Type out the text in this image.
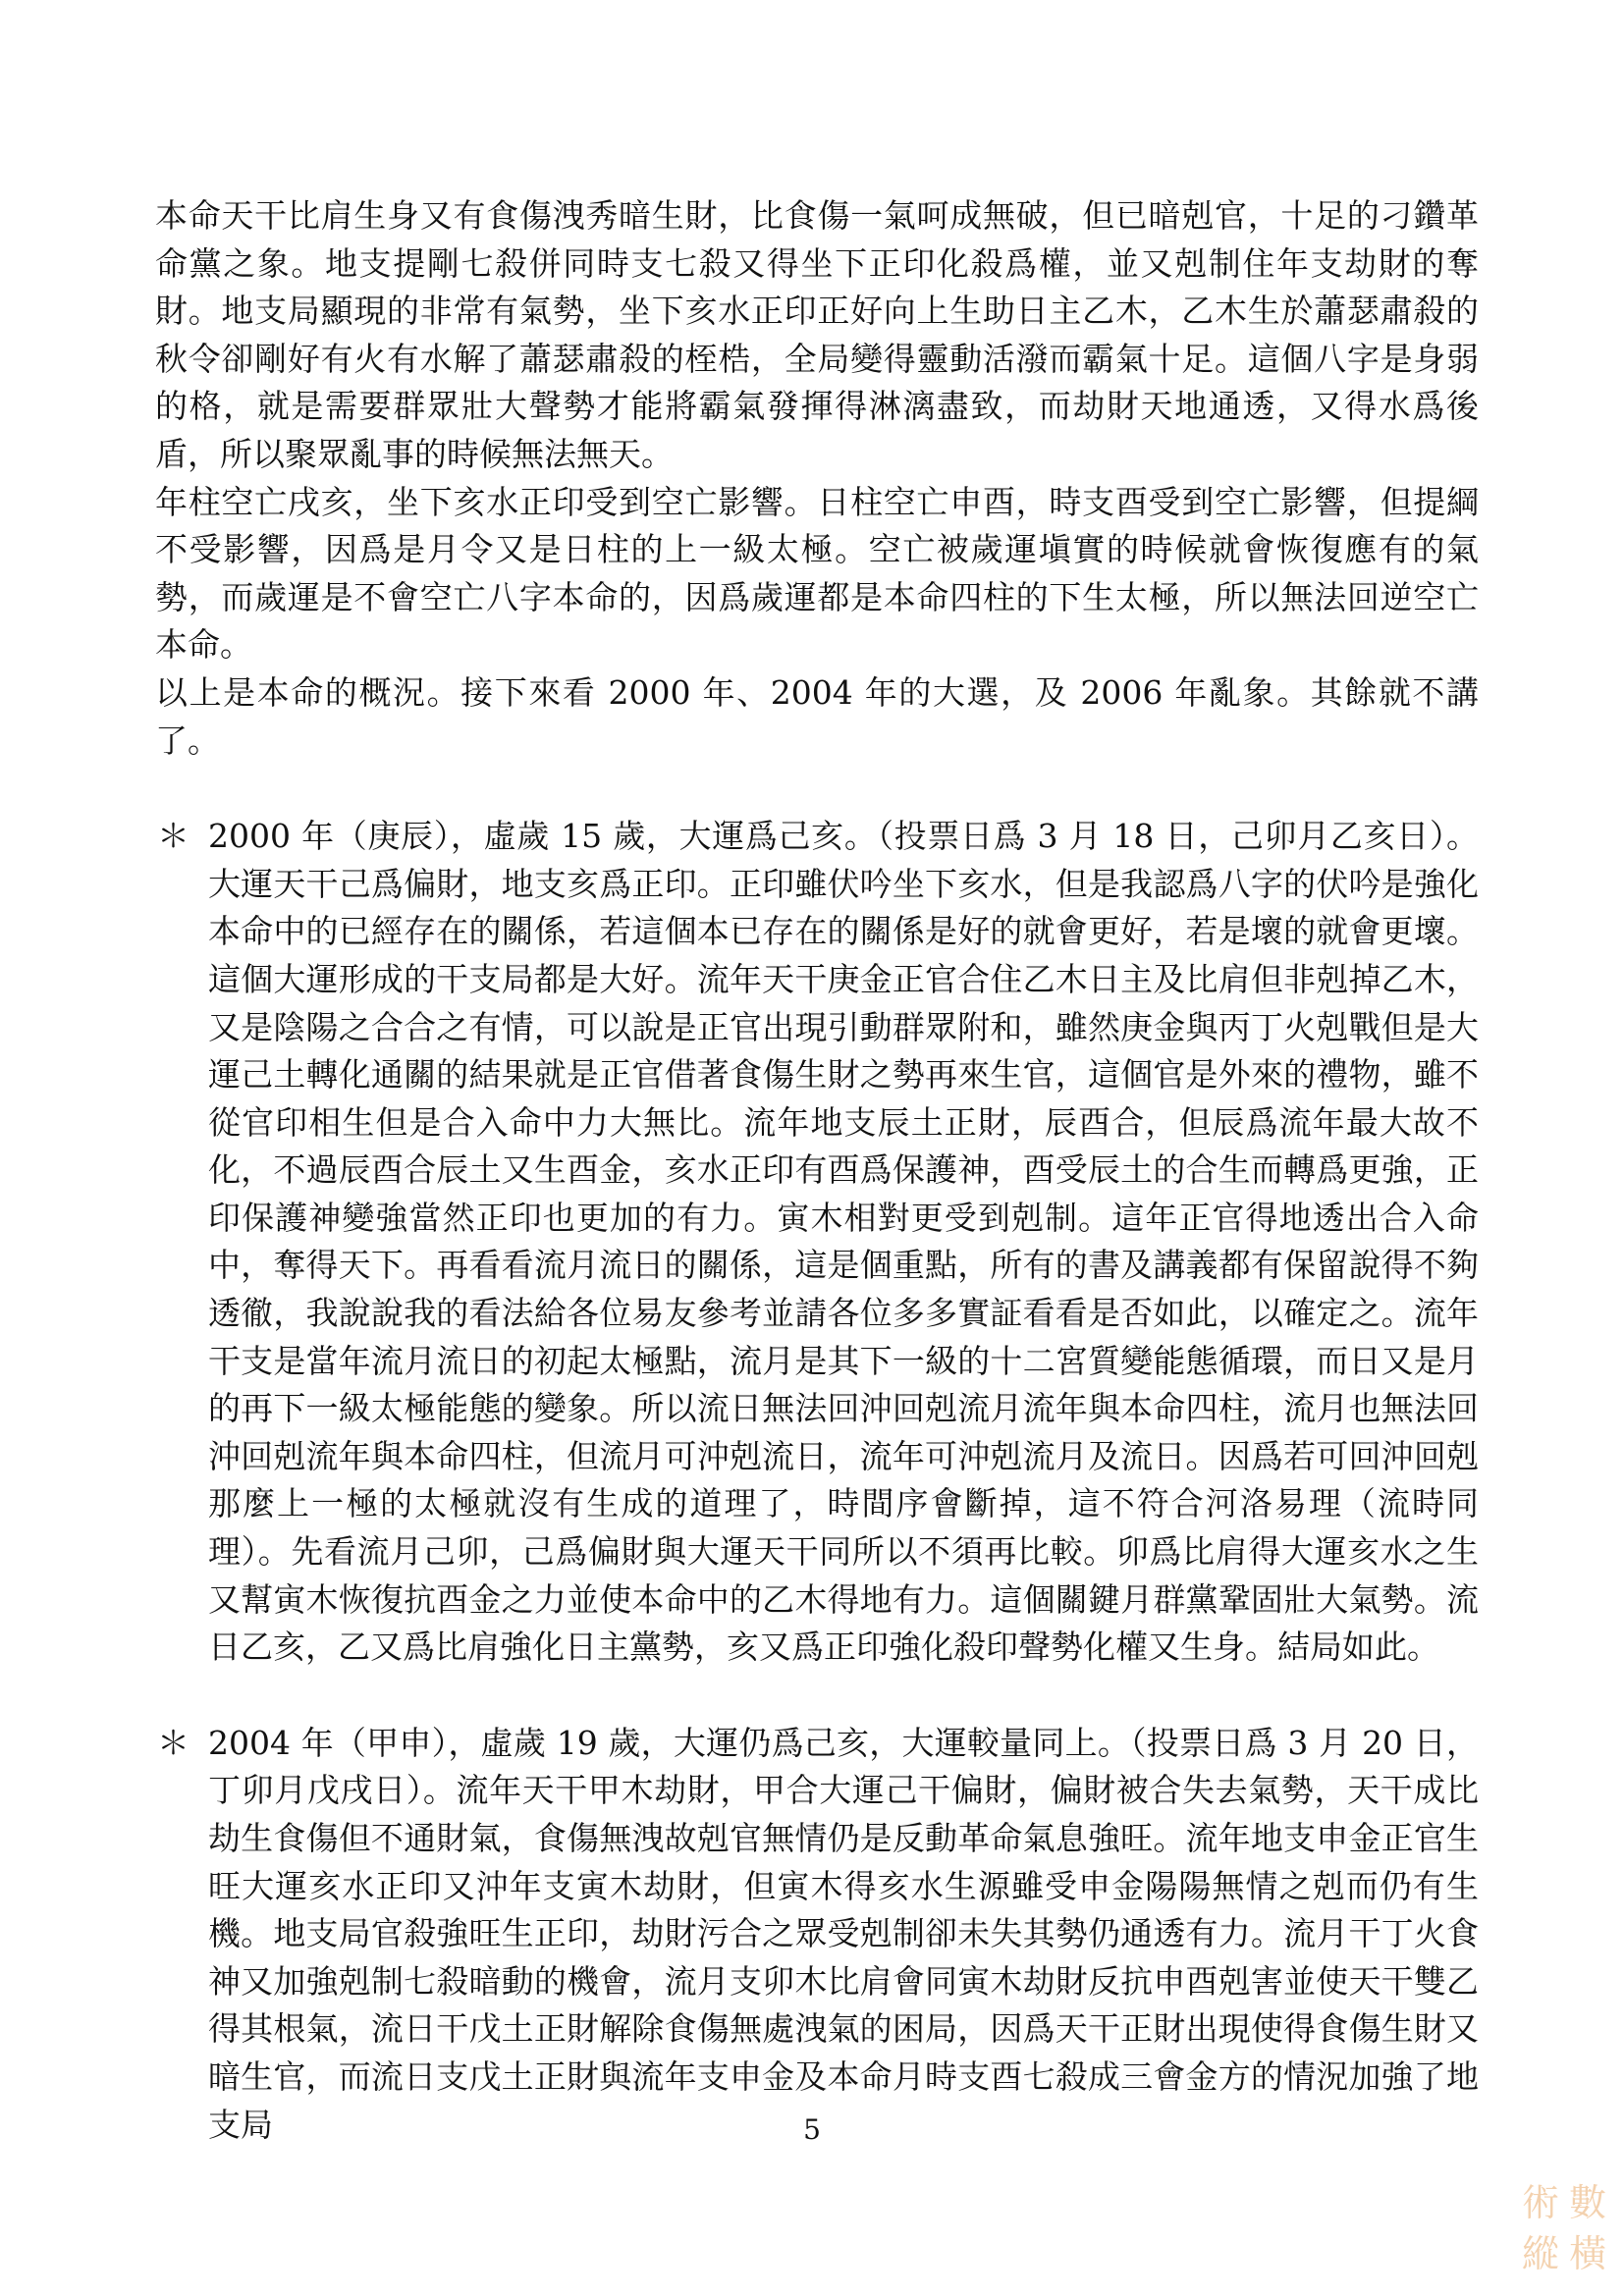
本命天干比肩生身又有食傷洩秀暗生財，比食傷一氣呵成無破，但已暗剋官，十足的刁鑽革命黨之象。地支提剛七殺併同時支七殺又得坐下正印化殺爲權，並又剋制住年支劫財的奪財。地支局顯現的非常有氣勢，坐下亥水正印正好向上生助日主乙木，乙木生於蕭瑟肅殺的秋令卻剛好有火有水解了蕭瑟肅殺的桎梏，全局變得靈動活潑而霸氣十足。這個八字是身弱的格，就是需要群眾壯大聲勢才能將霸氣發揮得淋漓盡致，而劫財天地通透，又得水爲後盾，所以聚眾亂事的時候無法無天。

年柱空亡戌亥，坐下亥水正印受到空亡影響。日柱空亡申酉，時支酉受到空亡影響，但提綱不受影響，因爲是月令又是日柱的上一級太極。空亡被歲運塡實的時候就會恢復應有的氣勢，而歲運是不會空亡八字本命的，因爲歲運都是本命四柱的下生太極，所以無法回逆空亡本命。

以上是本命的概況。接下來看 2000 年、2004 年的大選，及 2006 年亂象。其餘就不講了。

＊ 2000 年（庚辰），虛歲 15 歲，大運爲己亥。（投票日爲 3 月 18 日，己卯月乙亥日）。大運天干己爲偏財，地支亥爲正印。正印雖伏吟坐下亥水，但是我認爲八字的伏吟是強化本命中的已經存在的關係，若這個本已存在的關係是好的就會更好，若是壞的就會更壞。這個大運形成的干支局都是大好。流年天干庚金正官合住乙木日主及比肩但非剋掉乙木，又是陰陽之合合之有情，可以說是正官出現引動群眾附和，雖然庚金與丙丁火剋戰但是大運己土轉化通關的結果就是正官借著食傷生財之勢再來生官，這個官是外來的禮物，雖不從官印相生但是合入命中力大無比。流年地支辰土正財，辰酉合，但辰爲流年最大故不化，不過辰酉合辰土又生酉金，亥水正印有酉爲保護神，酉受辰土的合生而轉爲更強，正印保護神變強當然正印也更加的有力。寅木相對更受到剋制。這年正官得地透出合入命中，奪得天下。再看看流月流日的關係，這是個重點，所有的書及講義都有保留說得不夠透徹，我說說我的看法給各位易友參考並請各位多多實証看看是否如此，以確定之。流年干支是當年流月流日的初起太極點，流月是其下一級的十二宮質變能態循環，而日又是月的再下一級太極能態的變象。所以流日無法回沖回剋流月流年與本命四柱，流月也無法回沖回剋流年與本命四柱，但流月可沖剋流日，流年可沖剋流月及流日。因爲若可回沖回剋那麼上一極的太極就沒有生成的道理了，時間序會斷掉，這不符合河洛易理（流時同理）。先看流月己卯，己爲偏財與大運天干同所以不須再比較。卯爲比肩得大運亥水之生又幫寅木恢復抗酉金之力並使本命中的乙木得地有力。這個關鍵月群黨鞏固壯大氣勢。流日乙亥，乙又爲比肩強化日主黨勢，亥又爲正印強化殺印聲勢化權又生身。結局如此。
＊ 2004 年（甲申），虛歲 19 歲，大運仍爲己亥，大運較量同上。（投票日爲 3 月 20 日，丁卯月戊戌日）。流年天干甲木劫財，甲合大運己干偏財，偏財被合失去氣勢，天干成比劫生食傷但不通財氣，食傷無洩故剋官無情仍是反動革命氣息強旺。流年地支申金正官生旺大運亥水正印又沖年支寅木劫財，但寅木得亥水生源雖受申金陽陽無情之剋而仍有生機。地支局官殺強旺生正印，劫財污合之眾受剋制卻未失其勢仍通透有力。流月干丁火食神又加強剋制七殺暗動的機會，流月支卯木比肩會同寅木劫財反抗申酉剋害並使天干雙乙得其根氣，流日干戊土正財解除食傷無處洩氣的困局，因爲天干正財出現使得食傷生財又暗生官，而流日支戊土正財與流年支申金及本命月時支酉七殺成三會金方的情況加強了地支局	5
術 數
縱 橫
